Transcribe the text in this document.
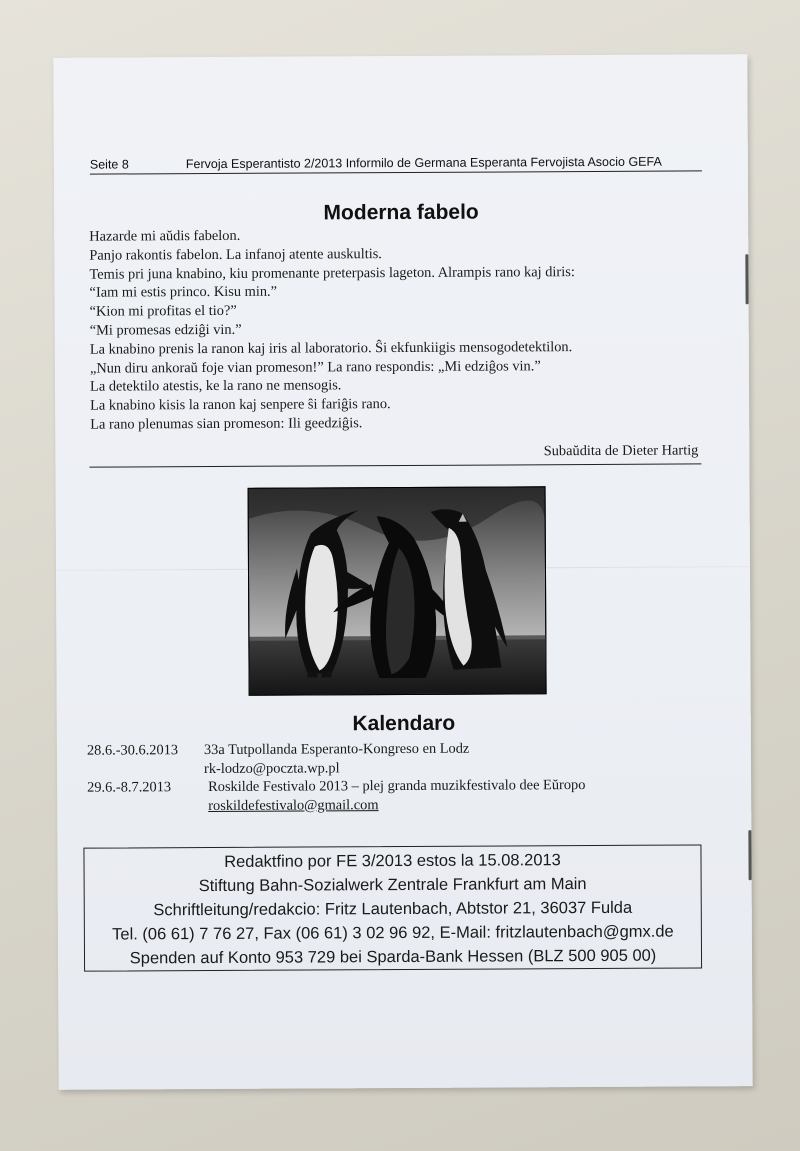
Seite 8	Fervoja Esperantisto 2/2013 Informilo de Germana Esperanta Fervojista Asocio GEFA
Moderna fabelo
Hazarde mi aŭdis fabelon.
Panjo rakontis fabelon. La infanoj atente auskultis.
Temis pri juna knabino, kiu promenante preterpasis lageton. Alrampis rano kaj diris:
“Iam mi estis princo. Kisu min.”
“Kion mi profitas el tio?”
“Mi promesas edziĝi vin.”
La knabino prenis la ranon kaj iris al laboratorio. Ŝi ekfunkiigis mensogodetektilon.
„Nun diru ankoraŭ foje vian promeson!” La rano respondis: „Mi edziĝos vin.”
La detektilo atestis, ke la rano ne mensogis.
La knabino kisis la ranon kaj senpere ŝi fariĝis rano.
La rano plenumas sian promeson: Ili geedziĝis.
Subaŭdita de Dieter Hartig
Kalendaro
28.6.-30.6.2013	33a Tutpollanda Esperanto-Kongreso en Lodz
rk-lodzo@poczta.wp.pl
29.6.-8.7.2013	Roskilde Festivalo 2013 – plej granda muzikfestivalo dee Eŭropo
roskildefestivalo@gmail.com
Redaktfino por FE 3/2013 estos la 15.08.2013
Stiftung Bahn-Sozialwerk Zentrale Frankfurt am Main
Schriftleitung/redakcio: Fritz Lautenbach, Abtstor 21, 36037 Fulda
Tel. (06 61) 7 76 27, Fax (06 61) 3 02 96 92, E-Mail: fritzlautenbach@gmx.de
Spenden auf Konto 953 729 bei Sparda-Bank Hessen (BLZ 500 905 00)
